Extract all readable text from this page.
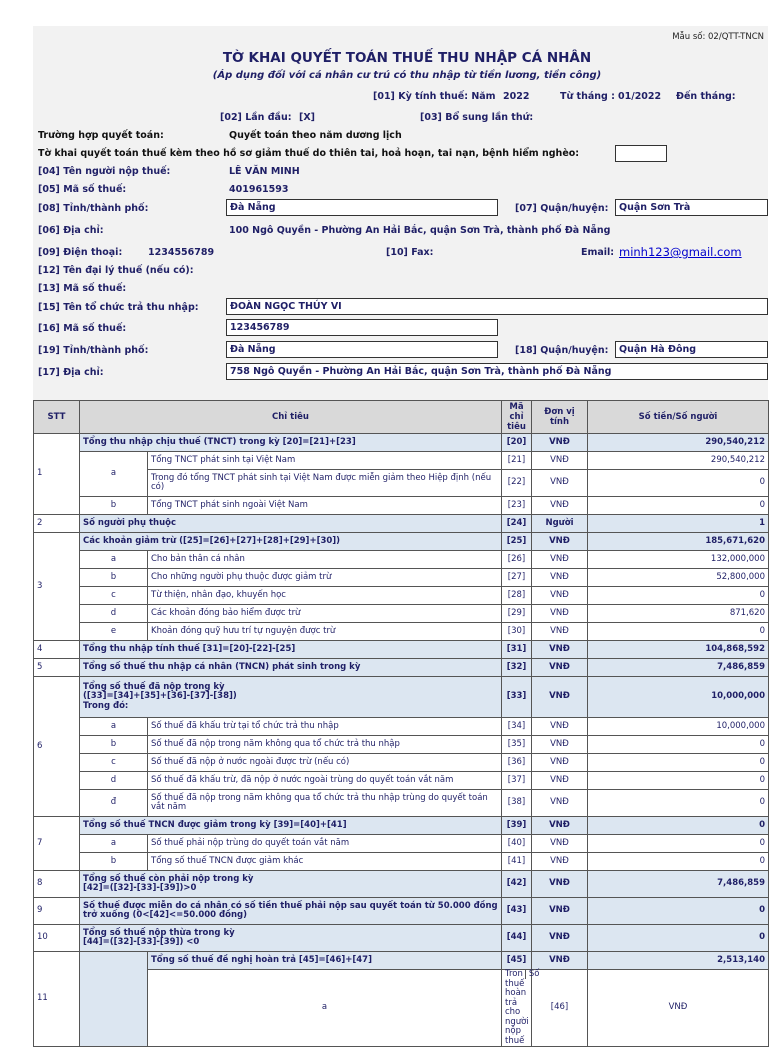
Mẫu số: 02/QTT-TNCN
TỜ KHAI QUYẾT TOÁN THUẾ THU NHẬP CÁ NHÂN
(Áp dụng đối với cá nhân cư trú có thu nhập từ tiền lương, tiền công)
[01] Kỳ tính thuế: Năm 2022	Từ tháng : 01/2022 Đến tháng:
[02] Lần đầu: [X]	[03] Bổ sung lần thứ:
Trường hợp quyết toán:	Quyết toán theo năm dương lịch
Tờ khai quyết toán thuế kèm theo hồ sơ giảm thuế do thiên tai, hoả hoạn, tai nạn, bệnh hiểm nghèo:
[04] Tên người nộp thuế:	LÊ VĂN MINH
[05] Mã số thuế:	401961593
[08] Tỉnh/thành phố:	Đà Nẵng	[07] Quận/huyện:	Quận Sơn Trà
[06] Địa chỉ:	100 Ngô Quyền - Phường An Hải Bắc, quận Sơn Trà, thành phố Đà Nẵng
[09] Điện thoại:	1234556789	[10] Fax:	Email: minh123@gmail.com
[12] Tên đại lý thuế (nếu có):
[13] Mã số thuế:
[15] Tên tổ chức trả thu nhập:	ĐOÀN NGỌC THÚY VI
[16] Mã số thuế:	123456789
[19] Tỉnh/thành phố:	Đà Nẵng	[18] Quận/huyện:	Quận Hà Đông
[17] Địa chỉ:	758 Ngô Quyền - Phường An Hải Bắc, quận Sơn Trà, thành phố Đà Nẵng
STT	Chỉ tiêu		Mã chỉ tiêu	Đơn vị tính	Số tiền/Số người	
1	Tổng thu nhập chịu thuế (TNCT) trong kỳ [20]=[21]+[23]		[20]	VNĐ	290,540,212	
	a	Tổng TNCT phát sinh tại Việt Nam	[21]	VNĐ	290,540,212	
		Trong đó tổng TNCT phát sinh tại Việt Nam được miễn giảm theo Hiệp định (nếu có)	[22]	VNĐ	0	
	b	Tổng TNCT phát sinh ngoài Việt Nam	[23]	VNĐ	0	
2	Số người phụ thuộc		[24]	Người	1	
3	Các khoản giảm trừ ([25]=[26]+[27]+[28]+[29]+[30])		[25]	VNĐ	185,671,620	
	a	Cho bản thân cá nhân	[26]	VNĐ	132,000,000	
	b	Cho những người phụ thuộc được giảm trừ	[27]	VNĐ	52,800,000	
	c	Từ thiện, nhân đạo, khuyến học	[28]	VNĐ	0	
	d	Các khoản đóng bảo hiểm được trừ	[29]	VNĐ	871,620	
	e	Khoản đóng quỹ hưu trí tự nguyện được trừ	[30]	VNĐ	0	
4	Tổng thu nhập tính thuế [31]=[20]-[22]-[25]		[31]	VNĐ	104,868,592	
5	Tổng số thuế thu nhập cá nhân (TNCN) phát sinh trong kỳ		[32]	VNĐ	7,486,859	
6	Tổng số thuế đã nộp trong kỳ
([33]=[34]+[35]+[36]-[37]-[38])
Trong đó:		[33]	VNĐ	10,000,000	
	a	Số thuế đã khấu trừ tại tổ chức trả thu nhập	[34]	VNĐ	10,000,000	
	b	Số thuế đã nộp trong năm không qua tổ chức trả thu nhập	[35]	VNĐ	0	
	c	Số thuế đã nộp ở nước ngoài được trừ (nếu có)	[36]	VNĐ	0	
	d	Số thuế đã khấu trừ, đã nộp ở nước ngoài trùng do quyết toán vắt năm	[37]	VNĐ	0	
	đ	Số thuế đã nộp trong năm không qua tổ chức trả thu nhập trùng do quyết toán vắt năm	[38]	VNĐ	0	
7	Tổng số thuế TNCN được giảm trong kỳ [39]=[40]+[41]		[39]	VNĐ	0	
	a	Số thuế phải nộp trùng do quyết toán vắt năm	[40]	VNĐ	0	
	b	Tổng số thuế TNCN được giảm khác	[41]	VNĐ	0	
8	Tổng số thuế còn phải nộp trong kỳ
[42]=([32]-[33]-[39])>0		[42]	VNĐ	7,486,859	
9	Số thuế được miễn do cá nhân có số tiền thuế phải nộp sau quyết toán từ 50.000 đồng trở xuống (0<[42]<=50.000 đồng)		[43]	VNĐ	0	
10	Tổng số thuế nộp thừa trong kỳ
[44]=([32]-[33]-[39]) <0		[44]	VNĐ	0	
11		Tổng số thuế đề nghị hoàn trả [45]=[46]+[47]	[45]	VNĐ	2,513,140	
		a	Tron Số thuế hoàn trả cho người nộp thuế	[46]	VNĐ	
